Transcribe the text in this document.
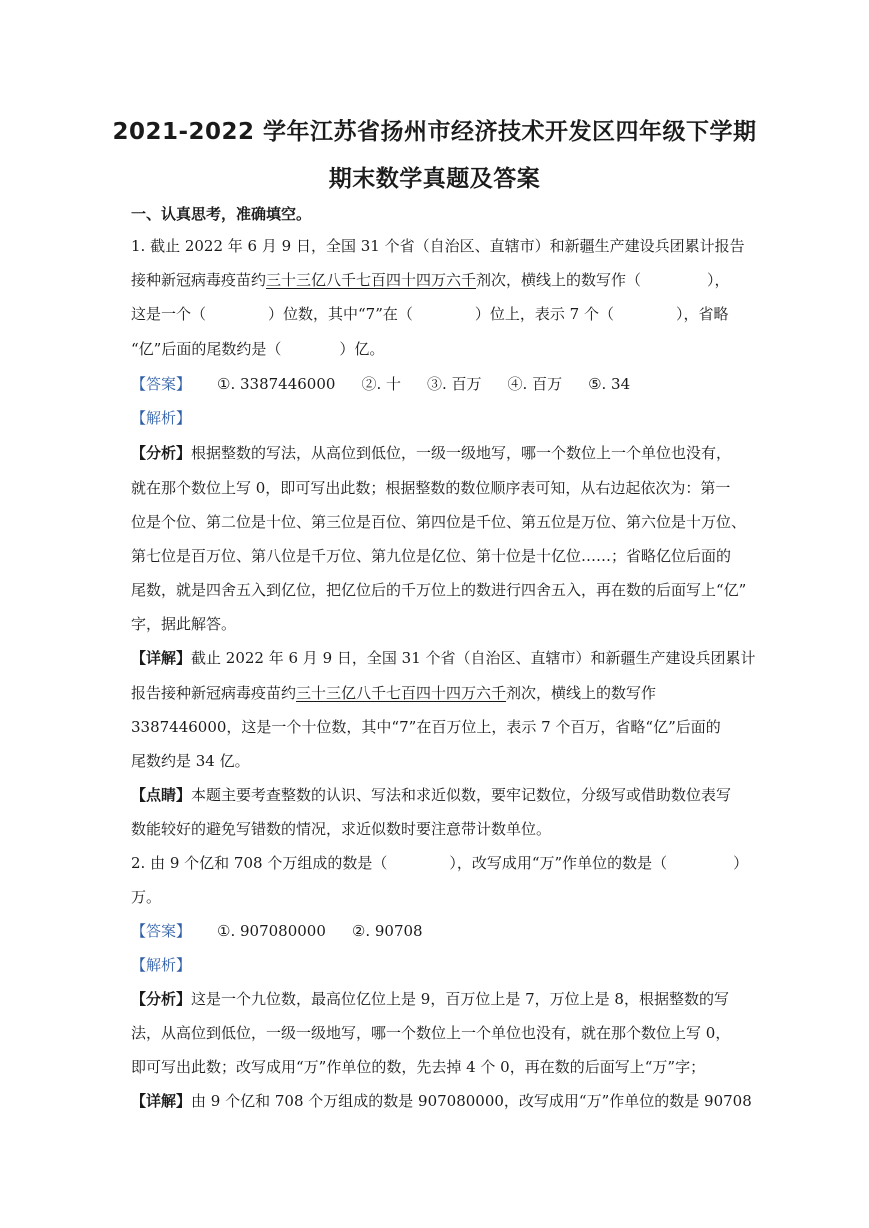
2021-2022 学年江苏省扬州市经济技术开发区四年级下学期
期末数学真题及答案
一、认真思考，准确填空。
1. 截止 2022 年 6 月 9 日，全国 31 个省（自治区、直辖市）和新疆生产建设兵团累计报告
接种新冠病毒疫苗约三十三亿八千七百四十四万六千剂次，横线上的数写作（	），
这是一个（	）位数，其中“7”在（	）位上，表示 7 个（	），省略
“亿”后面的尾数约是（	）亿。
【答案】 ①. 3387446000 ②. 十 ③. 百万 ④. 百万 ⑤. 34
【解析】
【分析】根据整数的写法，从高位到低位，一级一级地写，哪一个数位上一个单位也没有，
就在那个数位上写 0，即可写出此数；根据整数的数位顺序表可知，从右边起依次为：第一
位是个位、第二位是十位、第三位是百位、第四位是千位、第五位是万位、第六位是十万位、
第七位是百万位、第八位是千万位、第九位是亿位、第十位是十亿位……；省略亿位后面的
尾数，就是四舍五入到亿位，把亿位后的千万位上的数进行四舍五入，再在数的后面写上“亿”
字，据此解答。
【详解】截止 2022 年 6 月 9 日，全国 31 个省（自治区、直辖市）和新疆生产建设兵团累计
报告接种新冠病毒疫苗约三十三亿八千七百四十四万六千剂次，横线上的数写作
3387446000，这是一个十位数，其中“7”在百万位上，表示 7 个百万，省略“亿”后面的
尾数约是 34 亿。
【点睛】本题主要考查整数的认识、写法和求近似数，要牢记数位，分级写或借助数位表写
数能较好的避免写错数的情况，求近似数时要注意带计数单位。
2. 由 9 个亿和 708 个万组成的数是（	），改写成用“万”作单位的数是（	）
万。
【答案】 ①. 907080000 ②. 90708
【解析】
【分析】这是一个九位数，最高位亿位上是 9，百万位上是 7，万位上是 8，根据整数的写
法，从高位到低位，一级一级地写，哪一个数位上一个单位也没有，就在那个数位上写 0，
即可写出此数；改写成用“万”作单位的数，先去掉 4 个 0，再在数的后面写上“万”字；
【详解】由 9 个亿和 708 个万组成的数是 907080000，改写成用“万”作单位的数是 90708
